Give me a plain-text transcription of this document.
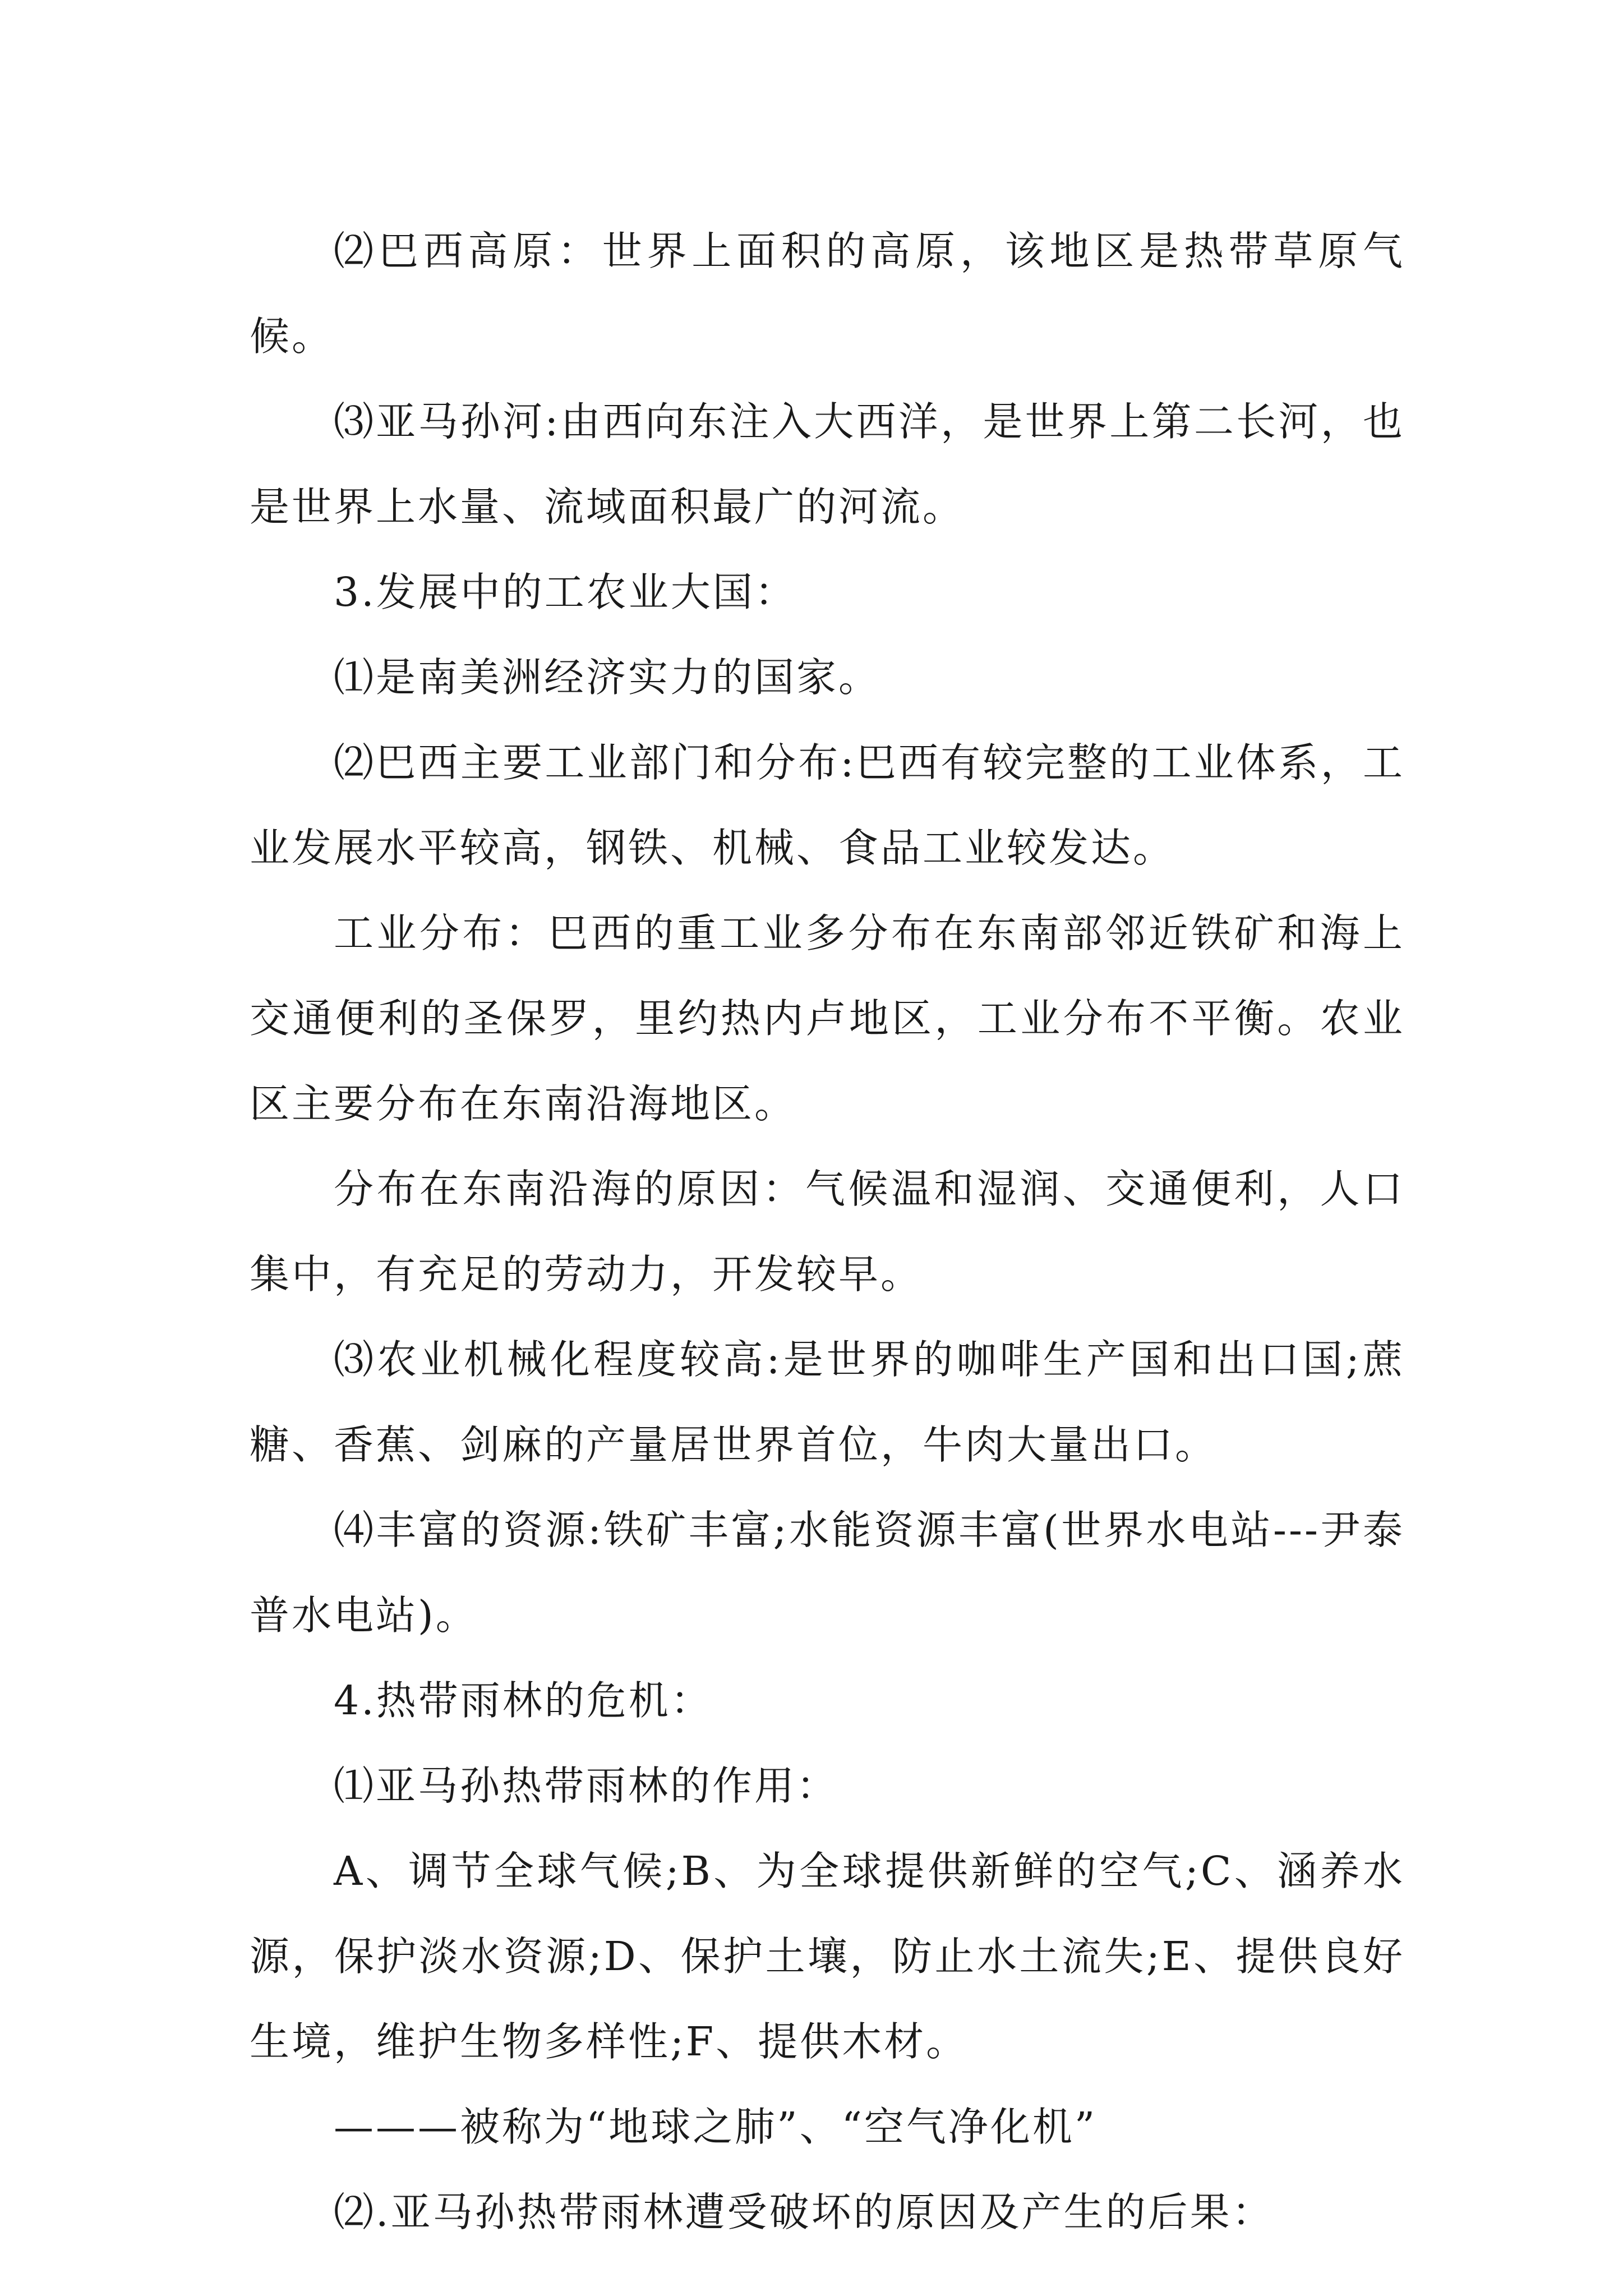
⑵巴西高原：世界上面积的高原，该地区是热带草原气候。

⑶亚马孙河:由西向东注入大西洋，是世界上第二长河，也是世界上水量、流域面积最广的河流。

3.发展中的工农业大国：

⑴是南美洲经济实力的国家。

⑵巴西主要工业部门和分布:巴西有较完整的工业体系，工业发展水平较高，钢铁、机械、食品工业较发达。

工业分布：巴西的重工业多分布在东南部邻近铁矿和海上交通便利的圣保罗，里约热内卢地区，工业分布不平衡。农业区主要分布在东南沿海地区。

分布在东南沿海的原因：气候温和湿润、交通便利，人口集中，有充足的劳动力，开发较早。

⑶农业机械化程度较高:是世界的咖啡生产国和出口国;蔗糖、香蕉、剑麻的产量居世界首位，牛肉大量出口。

⑷丰富的资源:铁矿丰富;水能资源丰富(世界水电站---尹泰普水电站)。

4.热带雨林的危机：

⑴亚马孙热带雨林的作用：

A、调节全球气候;B、为全球提供新鲜的空气;C、涵养水源，保护淡水资源;D、保护土壤，防止水土流失;E、提供良好生境，维护生物多样性;F、提供木材。

———被称为“地球之肺”、“空气净化机”

⑵.亚马孙热带雨林遭受破坏的原因及产生的后果：
